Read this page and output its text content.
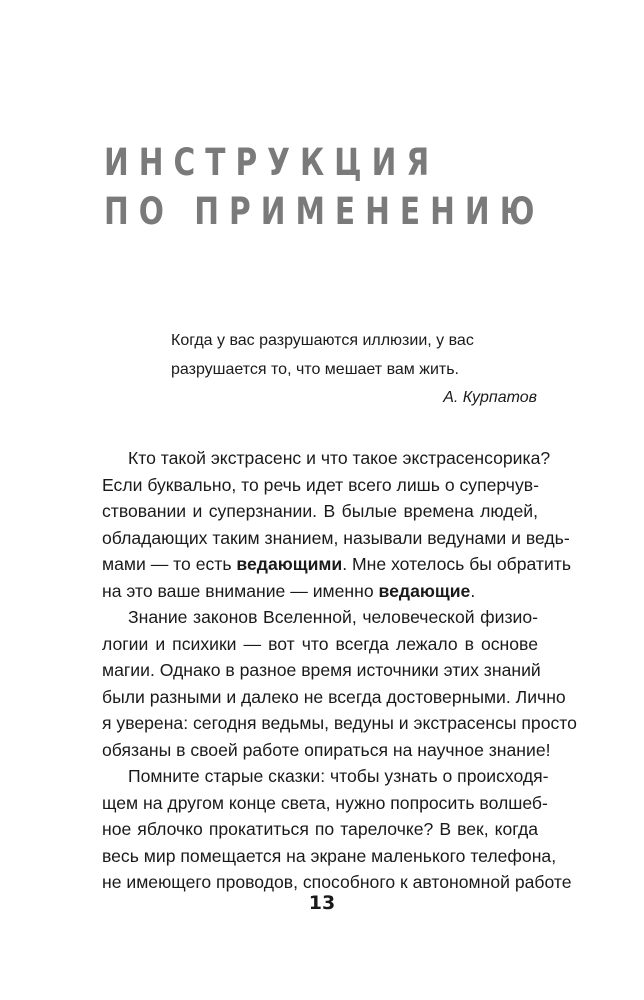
ИНСТРУКЦИЯ
ПО ПРИМЕНЕНИЮ

Когда у вас разрушаются иллюзии, у вас

разрушается то, что мешает вам жить.

А. Курпатов
Кто такой экстрасенс и что такое экстрасенсорика?
Если буквально, то речь идет всего лишь о суперчув-
ствовании и суперзнании. В былые времена людей,
обладающих таким знанием, называли ведунами и ведь-
мами — то есть ведающими. Мне хотелось бы обратить
на это ваше внимание — именно ведающие.
Знание законов Вселенной, человеческой физио-
логии и психики — вот что всегда лежало в основе
магии. Однако в разное время источники этих знаний
были разными и далеко не всегда достоверными. Лично
я уверена: сегодня ведьмы, ведуны и экстрасенсы просто
обязаны в своей работе опираться на научное знание!
Помните старые сказки: чтобы узнать о происходя-
щем на другом конце света, нужно попросить волшеб-
ное яблочко прокатиться по тарелочке? В век, когда
весь мир помещается на экране маленького телефона,
не имеющего проводов, способного к автономной работе
13
